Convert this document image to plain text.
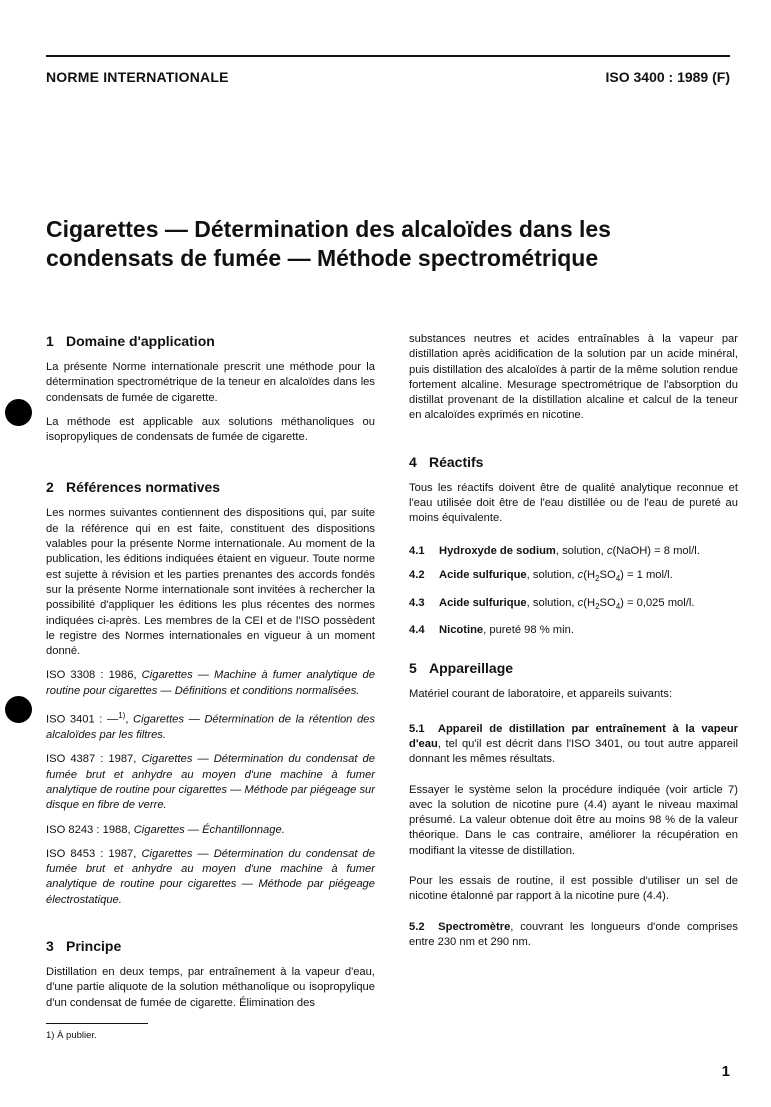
NORME INTERNATIONALE	ISO 3400 : 1989 (F)
Cigarettes — Détermination des alcaloïdes dans les
condensats de fumée — Méthode spectrométrique
1 Domaine d'application

La présente Norme internationale prescrit une méthode pour la détermination spectrométrique de la teneur en alcaloïdes dans les condensats de fumée de cigarette.

La méthode est applicable aux solutions méthanoliques ou isopropyliques de condensats de fumée de cigarette.

2 Références normatives

Les normes suivantes contiennent des dispositions qui, par suite de la référence qui en est faite, constituent des dispositions valables pour la présente Norme internationale. Au moment de la publication, les éditions indiquées étaient en vigueur. Toute norme est sujette à révision et les parties prenantes des accords fondés sur la présente Norme internationale sont invitées à rechercher la possibilité d'appliquer les éditions les plus récentes des normes indiquées ci-après. Les membres de la CEI et de l'ISO possèdent le registre des Normes internationales en vigueur à un moment donné.

ISO 3308 : 1986, Cigarettes — Machine à fumer analytique de routine pour cigarettes — Définitions et conditions normalisées.

ISO 3401 : —$^{1)}$, Cigarettes — Détermination de la rétention des alcaloïdes par les filtres.

ISO 4387 : 1987, Cigarettes — Détermination du condensat de fumée brut et anhydre au moyen d'une machine à fumer analytique de routine pour cigarettes — Méthode par piégeage sur disque en fibre de verre.

ISO 8243 : 1988, Cigarettes — Échantillonnage.

ISO 8453 : 1987, Cigarettes — Détermination du condensat de fumée brut et anhydre au moyen d'une machine à fumer analytique de routine pour cigarettes — Méthode par piégeage électrostatique.

3 Principe

Distillation en deux temps, par entraînement à la vapeur d'eau, d'une partie aliquote de la solution méthanolique ou isopropylique d'un condensat de fumée de cigarette. Élimination des

substances neutres et acides entraînables à la vapeur par distillation après acidification de la solution par un acide minéral, puis distillation des alcaloïdes à partir de la même solution rendue fortement alcaline. Mesurage spectrométrique de l'absorption du distillat provenant de la distillation alcaline et calcul de la teneur en alcaloïdes exprimés en nicotine.

4 Réactifs

Tous les réactifs doivent être de qualité analytique reconnue et l'eau utilisée doit être de l'eau distillée ou de l'eau de pureté au moins équivalente.

4.1 Hydroxyde de sodium, solution, c(NaOH) = 8 mol/l.

4.2 Acide sulfurique, solution, $c(H_2SO_4) = 1$ mol/l.

4.3 Acide sulfurique, solution, $c(H_2SO_4) = 0,025$ mol/l.

4.4 Nicotine, pureté 98 % min.

5 Appareillage

Matériel courant de laboratoire, et appareils suivants:

5.1 Appareil de distillation par entraînement à la vapeur d'eau, tel qu'il est décrit dans l'ISO 3401, ou tout autre appareil donnant les mêmes résultats.

Essayer le système selon la procédure indiquée (voir article 7) avec la solution de nicotine pure (4.4) ayant le niveau maximal présumé. La valeur obtenue doit être au moins 98 % de la valeur théorique. Dans le cas contraire, améliorer la récupération en modifiant la vitesse de distillation.

Pour les essais de routine, il est possible d'utiliser un sel de nicotine étalonné par rapport à la nicotine pure (4.4).

5.2 Spectromètre, couvrant les longueurs d'onde comprises entre 230 nm et 290 nm.

1) À publier.
1
